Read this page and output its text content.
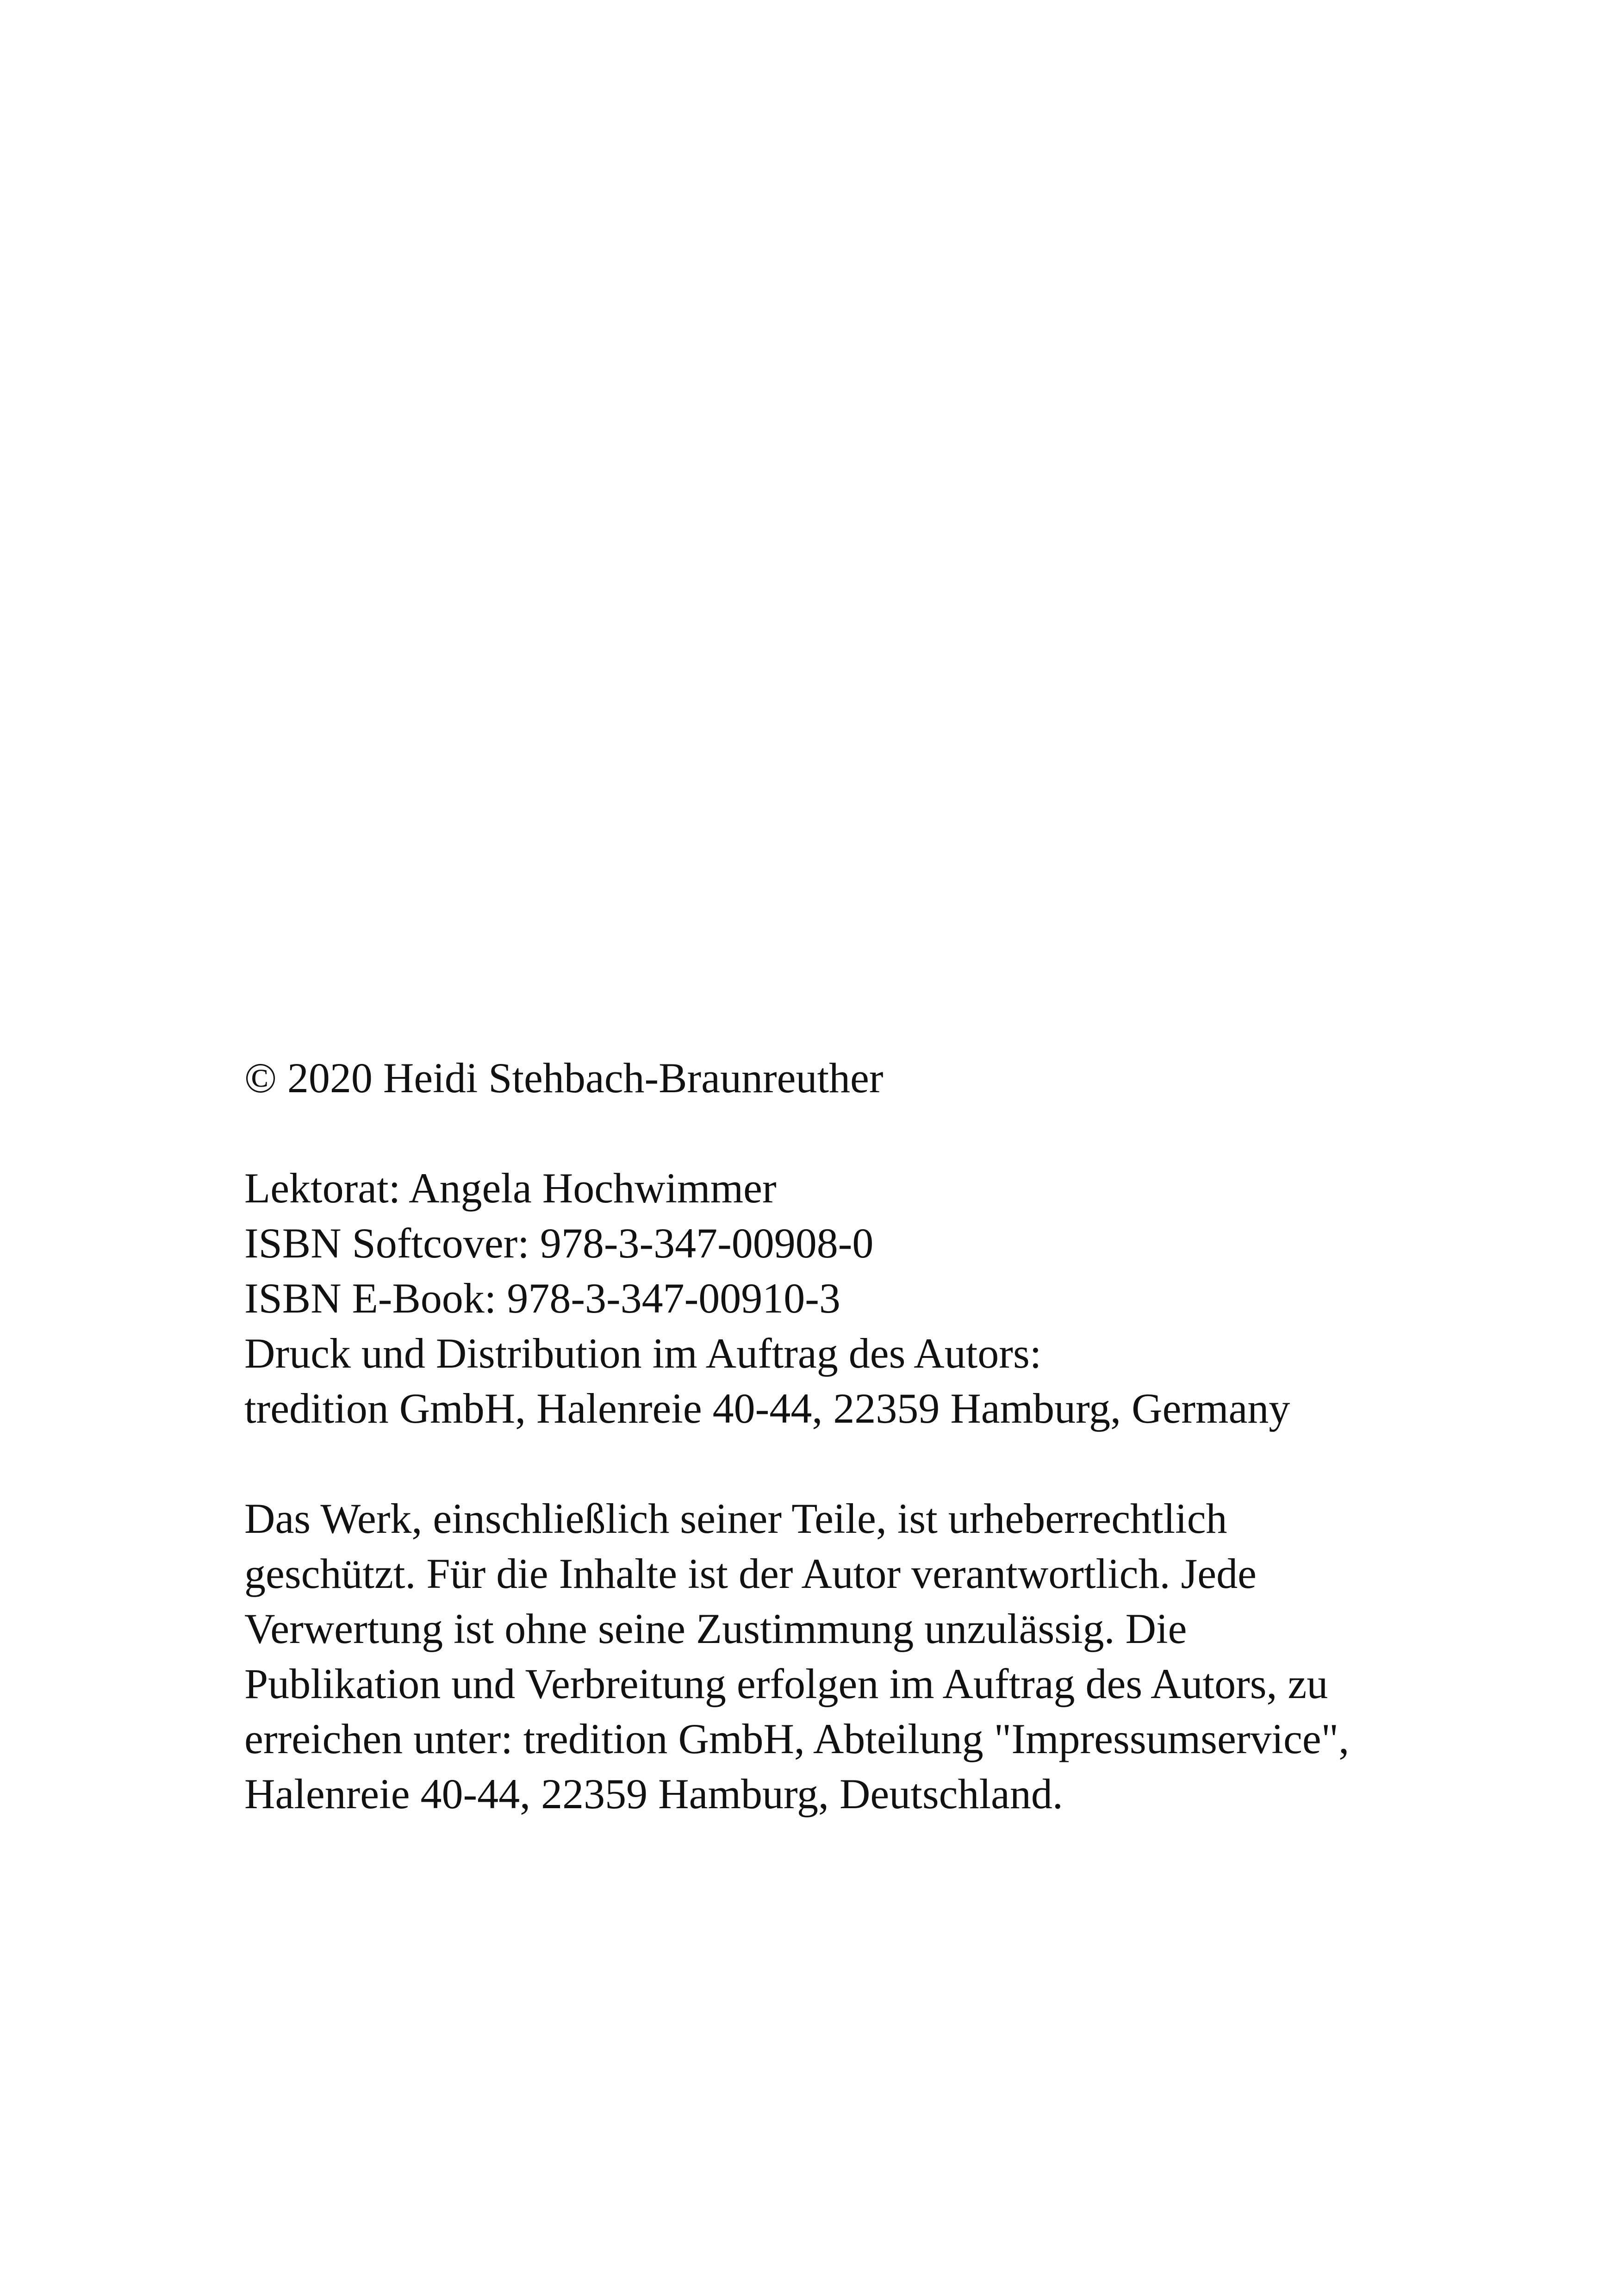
© 2020 Heidi Stehbach-Braunreuther

Lektorat: Angela Hochwimmer
ISBN Softcover: 978-3-347-00908-0
ISBN E-Book: 978-3-347-00910-3
Druck und Distribution im Auftrag des Autors:
tredition GmbH, Halenreie 40-44, 22359 Hamburg, Germany

Das Werk, einschließlich seiner Teile, ist urheberrechtlich
geschützt. Für die Inhalte ist der Autor verantwortlich. Jede
Verwertung ist ohne seine Zustimmung unzulässig. Die
Publikation und Verbreitung erfolgen im Auftrag des Autors, zu
erreichen unter: tredition GmbH, Abteilung "Impressumservice",
Halenreie 40-44, 22359 Hamburg, Deutschland.
